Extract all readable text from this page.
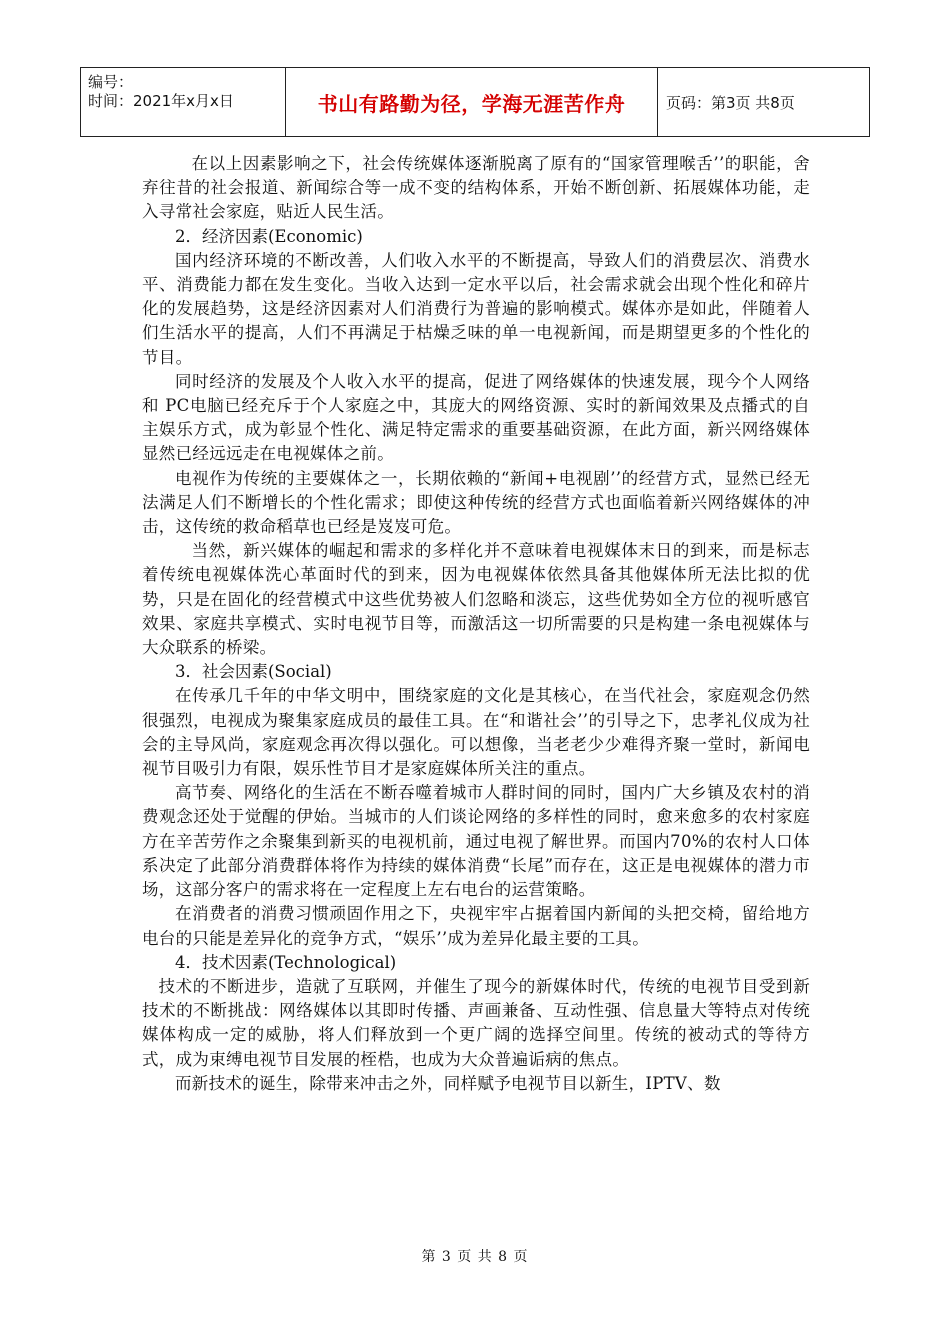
编号：
时间：2021年x月x日	书山有路勤为径，学海无涯苦作舟	页码：第3页 共8页

在以上因素影响之下，社会传统媒体逐渐脱离了原有的“国家管理喉舌’’的职能，舍弃往昔的社会报道、新闻综合等一成不变的结构体系，开始不断创新、拓展媒体功能，走入寻常社会家庭，贴近人民生活。

2．经济因素(Economic)

国内经济环境的不断改善，人们收入水平的不断提高，导致人们的消费层次、消费水平、消费能力都在发生变化。当收入达到一定水平以后，社会需求就会出现个性化和碎片化的发展趋势，这是经济因素对人们消费行为普遍的影响模式。媒体亦是如此，伴随着人们生活水平的提高，人们不再满足于枯燥乏味的单一电视新闻，而是期望更多的个性化的节目。

同时经济的发展及个人收入水平的提高，促进了网络媒体的快速发展，现今个人网络和 PC电脑已经充斥于个人家庭之中，其庞大的网络资源、实时的新闻效果及点播式的自主娱乐方式，成为彰显个性化、满足特定需求的重要基础资源，在此方面，新兴网络媒体显然已经远远走在电视媒体之前。

电视作为传统的主要媒体之一，长期依赖的“新闻+电视剧’’的经营方式，显然已经无法满足人们不断增长的个性化需求；即使这种传统的经营方式也面临着新兴网络媒体的冲击，这传统的救命稻草也已经是岌岌可危。

当然，新兴媒体的崛起和需求的多样化并不意味着电视媒体末日的到来，而是标志着传统电视媒体洗心革面时代的到来，因为电视媒体依然具备其他媒体所无法比拟的优势，只是在固化的经营模式中这些优势被人们忽略和淡忘，这些优势如全方位的视听感官效果、家庭共享模式、实时电视节目等，而激活这一切所需要的只是构建一条电视媒体与大众联系的桥梁。

3．社会因素(Social)

在传承几千年的中华文明中，围绕家庭的文化是其核心，在当代社会，家庭观念仍然很强烈，电视成为聚集家庭成员的最佳工具。在“和谐社会’’的引导之下，忠孝礼仪成为社会的主导风尚，家庭观念再次得以强化。可以想像，当老老少少难得齐聚一堂时，新闻电视节目吸引力有限，娱乐性节目才是家庭媒体所关注的重点。

高节奏、网络化的生活在不断吞噬着城市人群时间的同时，国内广大乡镇及农村的消费观念还处于觉醒的伊始。当城市的人们谈论网络的多样性的同时，愈来愈多的农村家庭方在辛苦劳作之余聚集到新买的电视机前，通过电视了解世界。而国内70%的农村人口体系决定了此部分消费群体将作为持续的媒体消费“长尾”而存在，这正是电视媒体的潜力市场，这部分客户的需求将在一定程度上左右电台的运营策略。

在消费者的消费习惯顽固作用之下，央视牢牢占据着国内新闻的头把交椅，留给地方电台的只能是差异化的竞争方式，“娱乐’’成为差异化最主要的工具。

4．技术因素(Technological)

技术的不断进步，造就了互联网，并催生了现今的新媒体时代，传统的电视节目受到新技术的不断挑战：网络媒体以其即时传播、声画兼备、互动性强、信息量大等特点对传统媒体构成一定的威胁，将人们释放到一个更广阔的选择空间里。传统的被动式的等待方式，成为束缚电视节目发展的桎梏，也成为大众普遍诟病的焦点。

而新技术的诞生，除带来冲击之外，同样赋予电视节目以新生，IPTV、数

第 3 页 共 8 页
